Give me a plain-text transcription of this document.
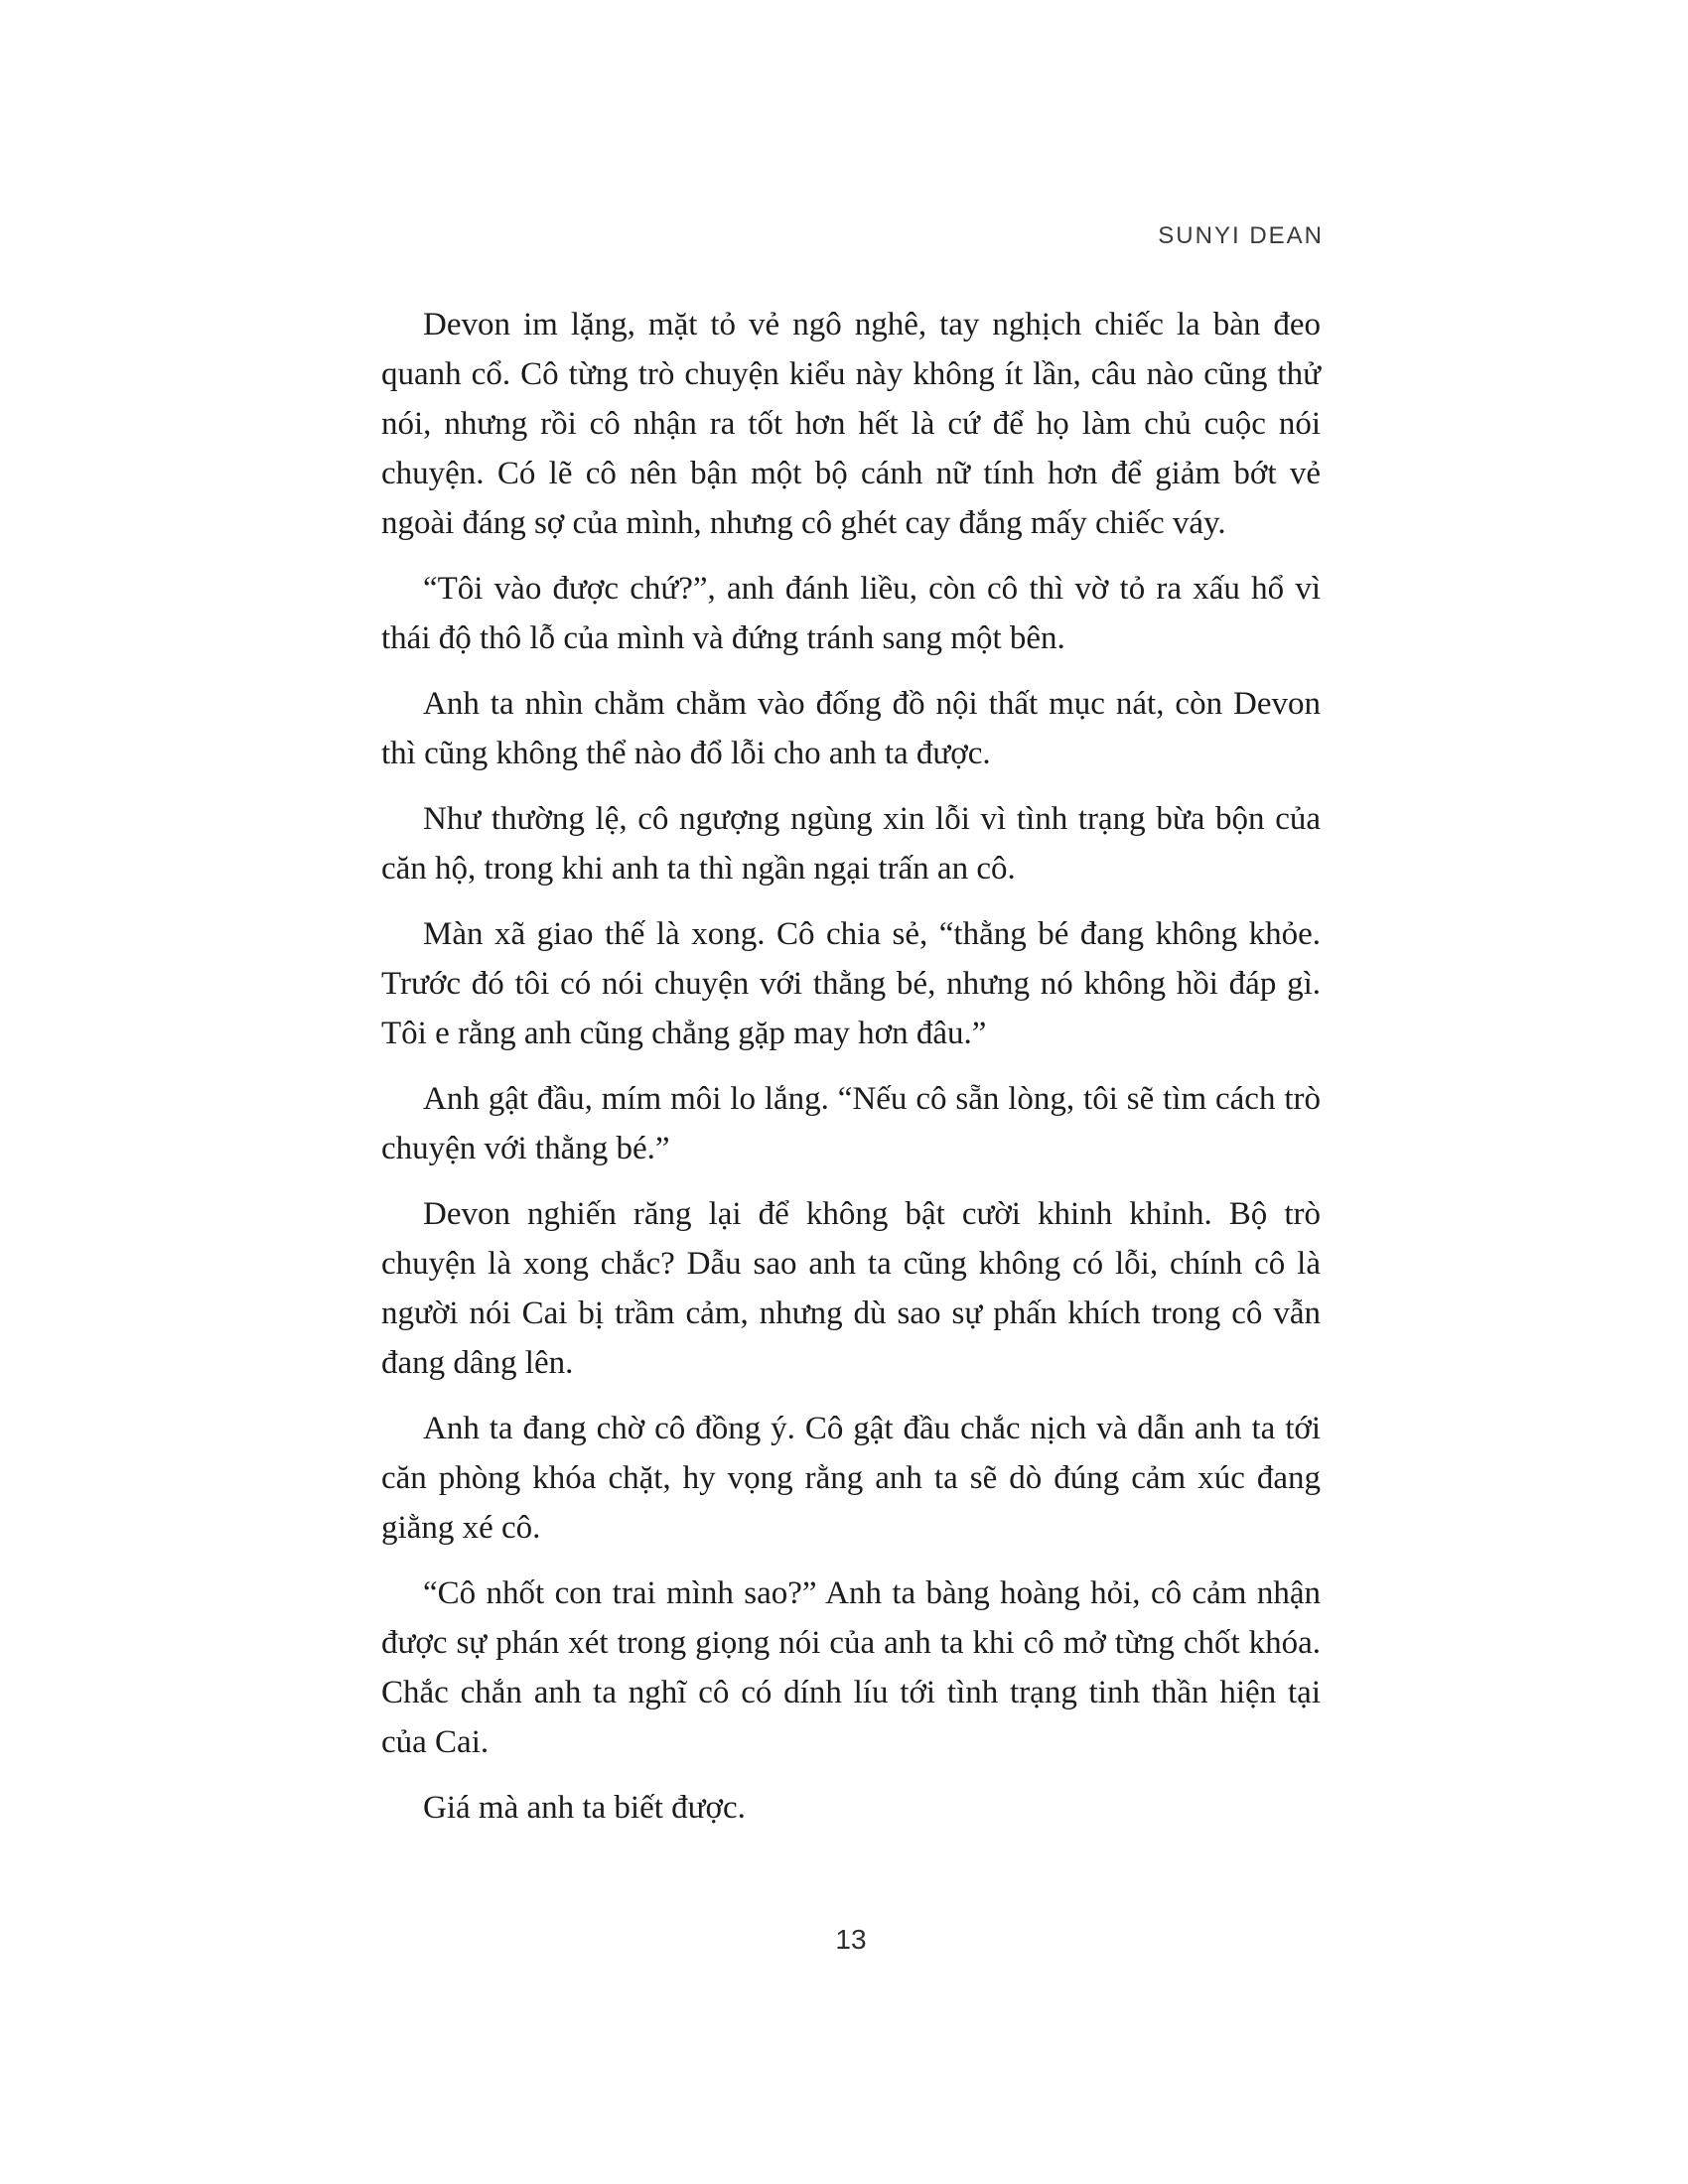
SUNYI DEAN

Devon im lặng, mặt tỏ vẻ ngô nghê, tay nghịch chiếc la bàn đeo quanh cổ. Cô từng trò chuyện kiểu này không ít lần, câu nào cũng thử nói, nhưng rồi cô nhận ra tốt hơn hết là cứ để họ làm chủ cuộc nói chuyện. Có lẽ cô nên bận một bộ cánh nữ tính hơn để giảm bớt vẻ ngoài đáng sợ của mình, nhưng cô ghét cay đắng mấy chiếc váy.

“Tôi vào được chứ?”, anh đánh liều, còn cô thì vờ tỏ ra xấu hổ vì thái độ thô lỗ của mình và đứng tránh sang một bên.

Anh ta nhìn chằm chằm vào đống đồ nội thất mục nát, còn Devon thì cũng không thể nào đổ lỗi cho anh ta được.

Như thường lệ, cô ngượng ngùng xin lỗi vì tình trạng bừa bộn của căn hộ, trong khi anh ta thì ngần ngại trấn an cô.

Màn xã giao thế là xong. Cô chia sẻ, “thằng bé đang không khỏe. Trước đó tôi có nói chuyện với thằng bé, nhưng nó không hồi đáp gì. Tôi e rằng anh cũng chẳng gặp may hơn đâu.”

Anh gật đầu, mím môi lo lắng. “Nếu cô sẵn lòng, tôi sẽ tìm cách trò chuyện với thằng bé.”

Devon nghiến răng lại để không bật cười khinh khỉnh. Bộ trò chuyện là xong chắc? Dẫu sao anh ta cũng không có lỗi, chính cô là người nói Cai bị trầm cảm, nhưng dù sao sự phấn khích trong cô vẫn đang dâng lên.

Anh ta đang chờ cô đồng ý. Cô gật đầu chắc nịch và dẫn anh ta tới căn phòng khóa chặt, hy vọng rằng anh ta sẽ dò đúng cảm xúc đang giằng xé cô.

“Cô nhốt con trai mình sao?” Anh ta bàng hoàng hỏi, cô cảm nhận được sự phán xét trong giọng nói của anh ta khi cô mở từng chốt khóa. Chắc chắn anh ta nghĩ cô có dính líu tới tình trạng tinh thần hiện tại của Cai.

Giá mà anh ta biết được.

13
